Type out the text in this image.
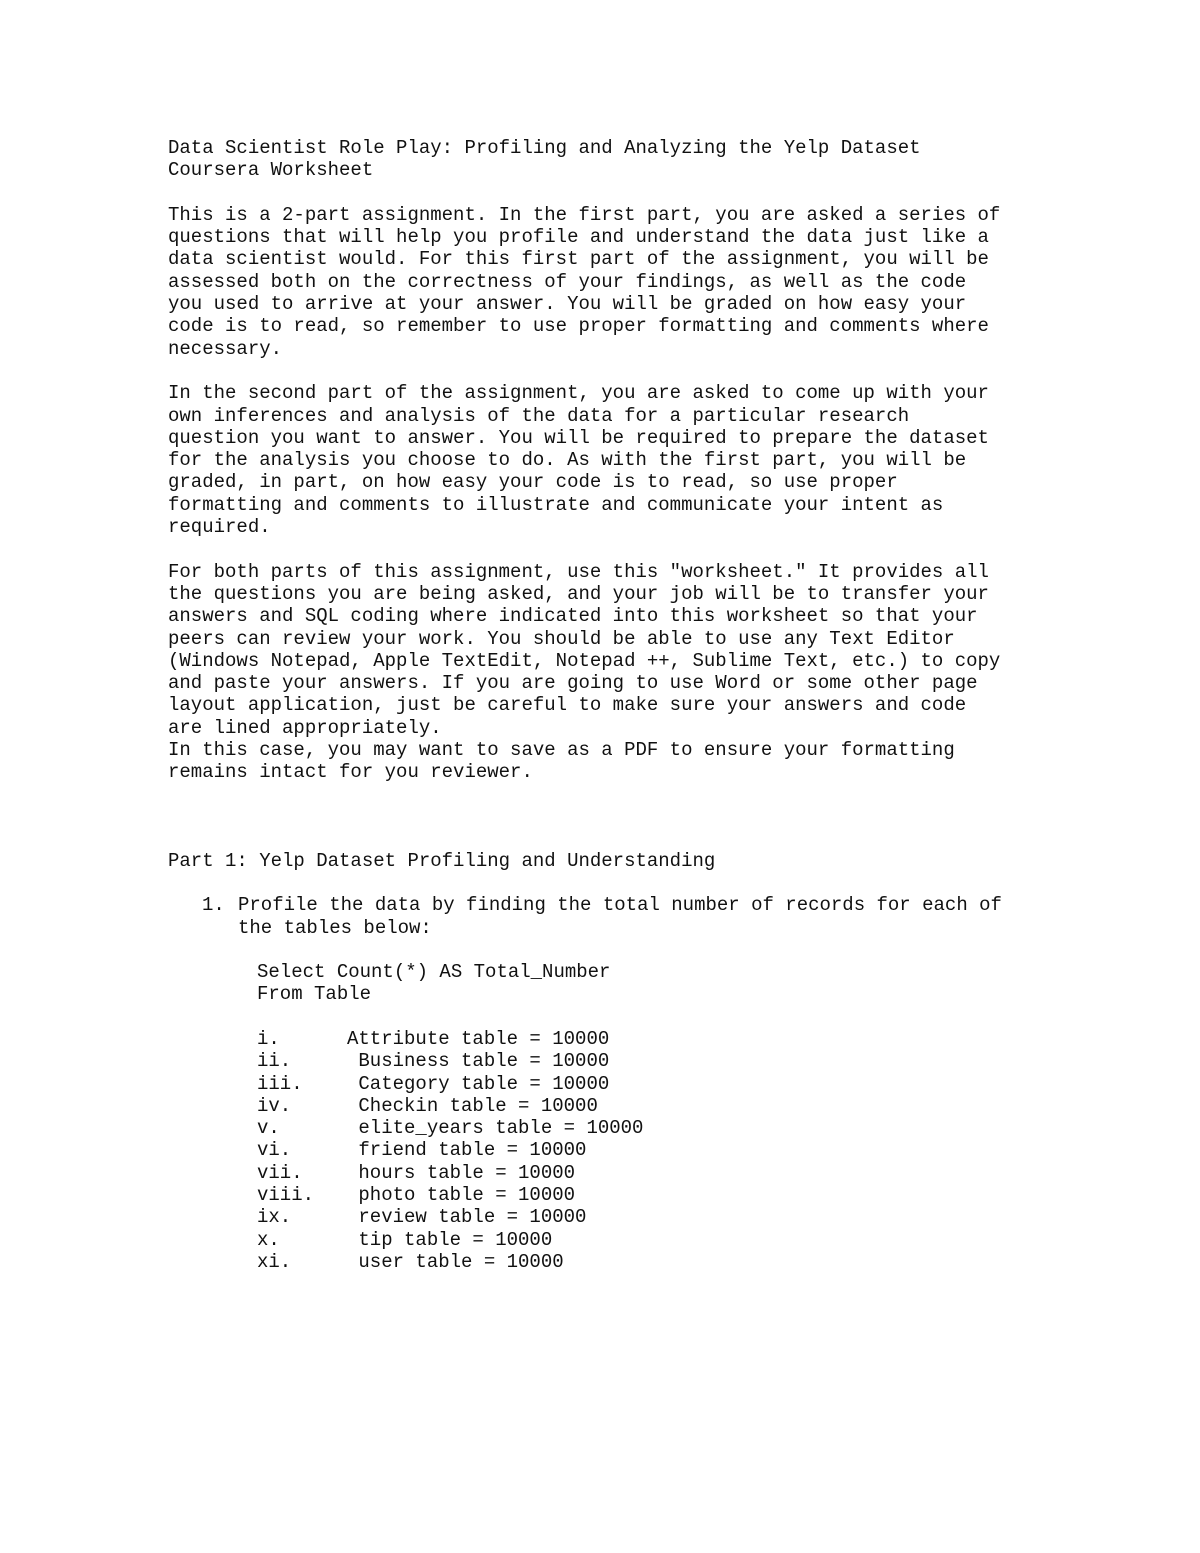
Data Scientist Role Play: Profiling and Analyzing the Yelp Dataset
Coursera Worksheet
This is a 2-part assignment. In the first part, you are asked a series of
questions that will help you profile and understand the data just like a
data scientist would. For this first part of the assignment, you will be
assessed both on the correctness of your findings, as well as the code
you used to arrive at your answer. You will be graded on how easy your
code is to read, so remember to use proper formatting and comments where
necessary.
In the second part of the assignment, you are asked to come up with your
own inferences and analysis of the data for a particular research
question you want to answer. You will be required to prepare the dataset
for the analysis you choose to do. As with the first part, you will be
graded, in part, on how easy your code is to read, so use proper
formatting and comments to illustrate and communicate your intent as
required.
For both parts of this assignment, use this "worksheet." It provides all
the questions you are being asked, and your job will be to transfer your
answers and SQL coding where indicated into this worksheet so that your
peers can review your work. You should be able to use any Text Editor
(Windows Notepad, Apple TextEdit, Notepad ++, Sublime Text, etc.) to copy
and paste your answers. If you are going to use Word or some other page
layout application, just be careful to make sure your answers and code
are lined appropriately.
In this case, you may want to save as a PDF to ensure your formatting
remains intact for you reviewer.
Part 1: Yelp Dataset Profiling and Understanding
1. Profile the data by finding the total number of records for each of
the tables below:
Select Count(*) AS Total_Number
From Table
i.	Attribute table = 10000
ii.	Business table = 10000
iii.	Category table = 10000
iv.	Checkin table = 10000
v.	elite_years table = 10000
vi.	friend table = 10000
vii.	hours table = 10000
viii.	photo table = 10000
ix.	review table = 10000
x.	tip table = 10000
xi.	user table = 10000
